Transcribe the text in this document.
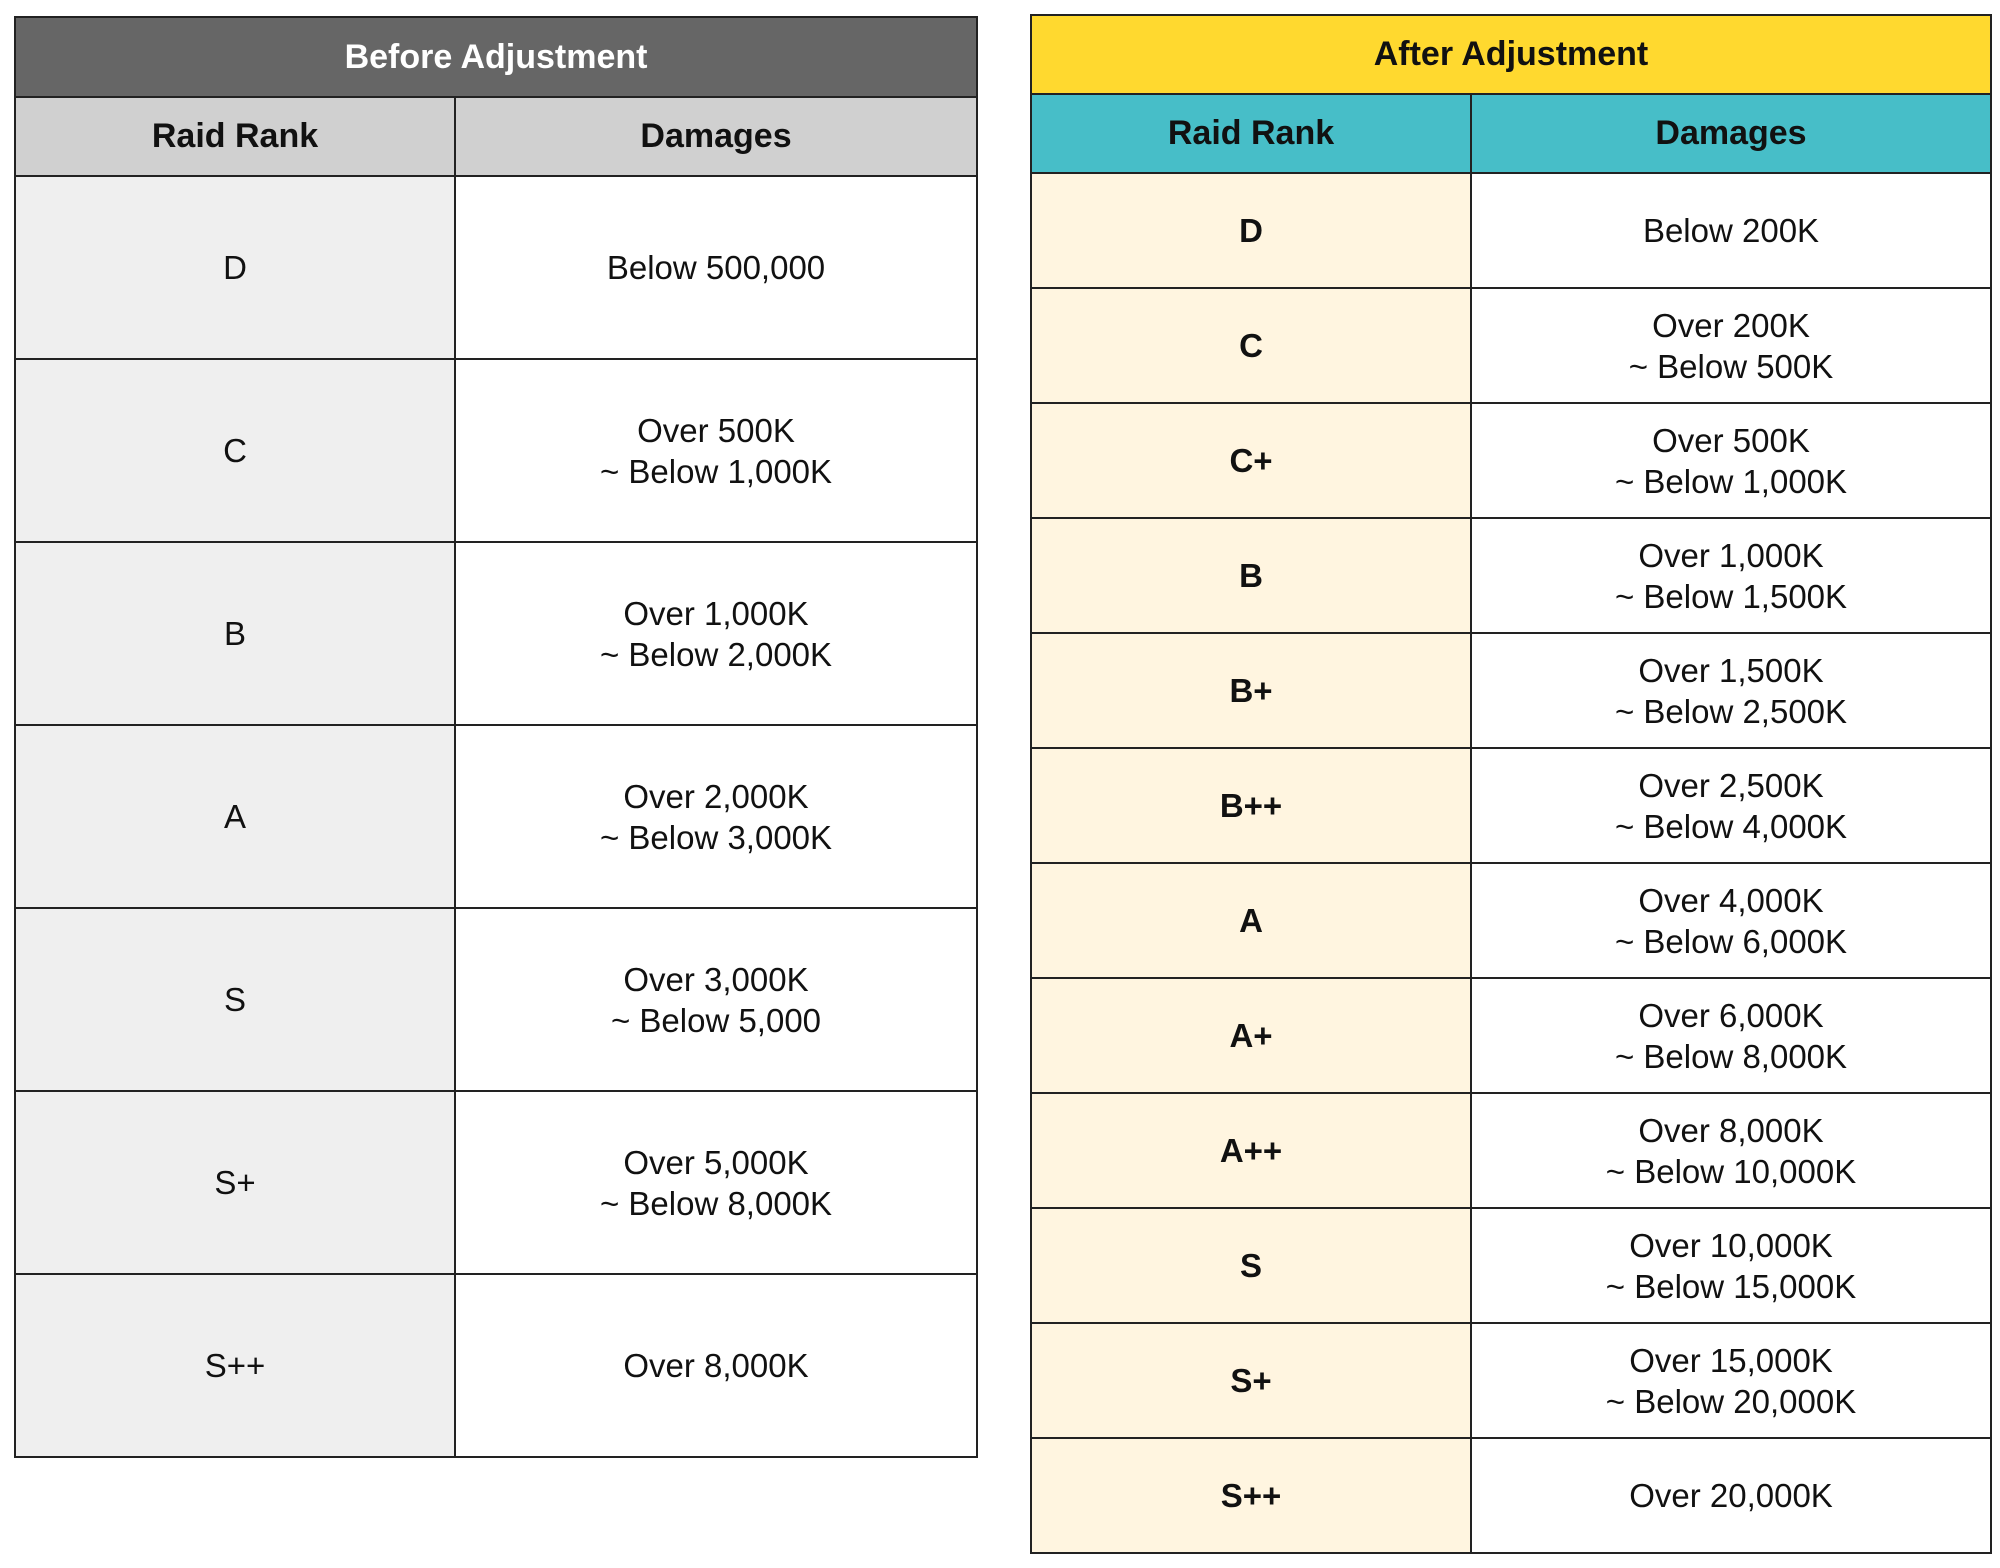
Before Adjustment	
Raid Rank	Damages
D	Below 500,000

C	Over 500K
~ Below 1,000K

B	Over 1,000K
~ Below 2,000K

A	Over 2,000K
~ Below 3,000K

S	Over 3,000K
~ Below 5,000

S+	Over 5,000K
~ Below 8,000K

S++	Over 8,000K
After Adjustment	
Raid Rank	Damages
D	Below 200K

C	Over 200K
~ Below 500K

C+	Over 500K
~ Below 1,000K

B	Over 1,000K
~ Below 1,500K

B+	Over 1,500K
~ Below 2,500K

B++	Over 2,500K
~ Below 4,000K

A	Over 4,000K
~ Below 6,000K

A+	Over 6,000K
~ Below 8,000K

A++	Over 8,000K
~ Below 10,000K

S	Over 10,000K
~ Below 15,000K

S+	Over 15,000K
~ Below 20,000K

S++	Over 20,000K
